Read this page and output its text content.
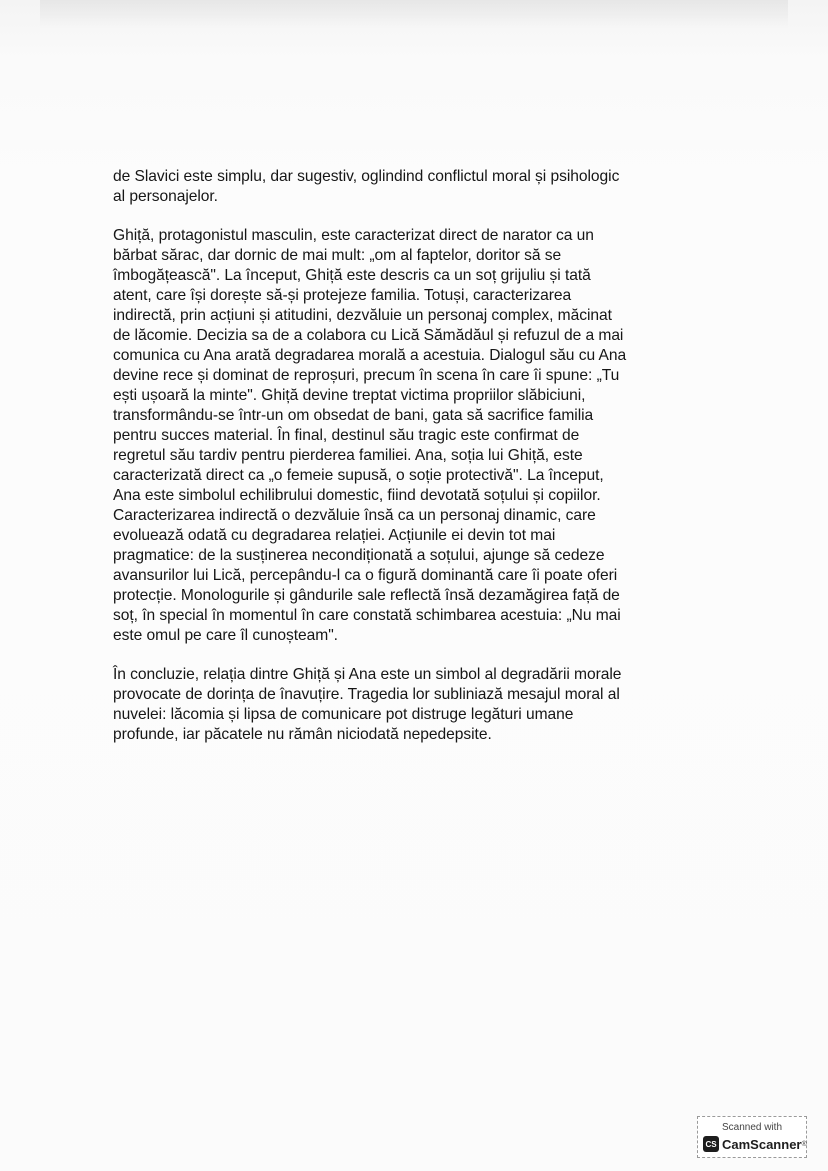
de Slavici este simplu, dar sugestiv, oglindind conflictul moral și psihologic
al personajelor.
Ghiță, protagonistul masculin, este caracterizat direct de narator ca un
bărbat sărac, dar dornic de mai mult: „om al faptelor, doritor să se
îmbogățească". La început, Ghiță este descris ca un soț grijuliu și tată
atent, care își dorește să-și protejeze familia. Totuși, caracterizarea
indirectă, prin acțiuni și atitudini, dezvăluie un personaj complex, măcinat
de lăcomie. Decizia sa de a colabora cu Lică Sămădăul și refuzul de a mai
comunica cu Ana arată degradarea morală a acestuia. Dialogul său cu Ana
devine rece și dominat de reproșuri, precum în scena în care îi spune: „Tu
ești ușoară la minte". Ghiță devine treptat victima propriilor slăbiciuni,
transformându-se într-un om obsedat de bani, gata să sacrifice familia
pentru succes material. În final, destinul său tragic este confirmat de
regretul său tardiv pentru pierderea familiei. Ana, soția lui Ghiță, este
caracterizată direct ca „o femeie supusă, o soție protectivă". La început,
Ana este simbolul echilibrului domestic, fiind devotată soțului și copiilor.
Caracterizarea indirectă o dezvăluie însă ca un personaj dinamic, care
evoluează odată cu degradarea relației. Acțiunile ei devin tot mai
pragmatice: de la susținerea necondiționată a soțului, ajunge să cedeze
avansurilor lui Lică, percepându-l ca o figură dominantă care îi poate oferi
protecție. Monologurile și gândurile sale reflectă însă dezamăgirea față de
soț, în special în momentul în care constată schimbarea acestuia: „Nu mai
este omul pe care îl cunoșteam".
În concluzie, relația dintre Ghiță și Ana este un simbol al degradării morale
provocate de dorința de înavuțire. Tragedia lor subliniază mesajul moral al
nuvelei: lăcomia și lipsa de comunicare pot distruge legături umane
profunde, iar păcatele nu rămân niciodată nepedepsite.
Scanned with
CS CamScanner ®
